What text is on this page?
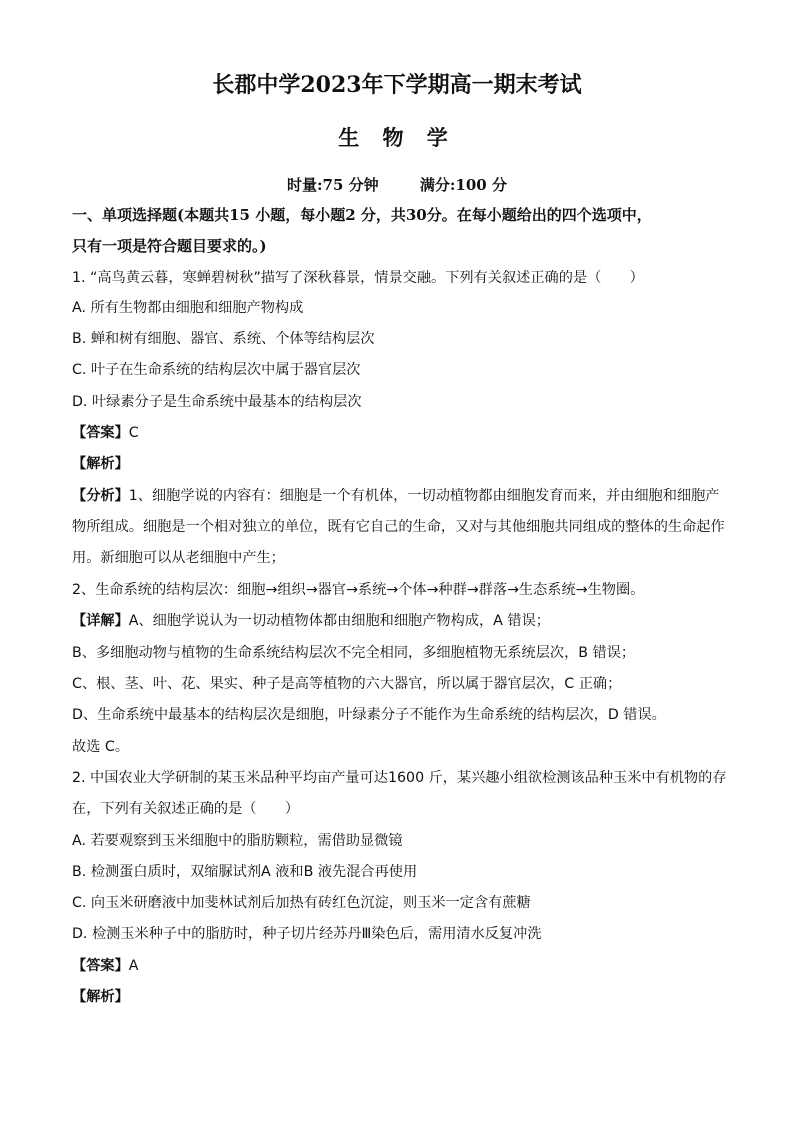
长郡中学2023年下学期高一期末考试
生 物 学
时量:75 分钟	满分:100 分
一、单项选择题(本题共15 小题，每小题2 分，共30分。在每小题给出的四个选项中，
只有一项是符合题目要求的。)
1. “高鸟黄云暮，寒蝉碧树秋”描写了深秋暮景，情景交融。下列有关叙述正确的是（　　）
A. 所有生物都由细胞和细胞产物构成
B. 蝉和树有细胞、器官、系统、个体等结构层次
C. 叶子在生命系统的结构层次中属于器官层次
D. 叶绿素分子是生命系统中最基本的结构层次
【答案】C
【解析】
【分析】1、细胞学说的内容有：细胞是一个有机体，一切动植物都由细胞发育而来，并由细胞和细胞产
物所组成。细胞是一个相对独立的单位，既有它自己的生命，又对与其他细胞共同组成的整体的生命起作
用。新细胞可以从老细胞中产生；
2、生命系统的结构层次：细胞→组织→器官→系统→个体→种群→群落→生态系统→生物圈。
【详解】A、细胞学说认为一切动植物体都由细胞和细胞产物构成，A 错误；
B、多细胞动物与植物的生命系统结构层次不完全相同，多细胞植物无系统层次，B 错误；
C、根、茎、叶、花、果实、种子是高等植物的六大器官，所以属于器官层次，C 正确；
D、生命系统中最基本的结构层次是细胞，叶绿素分子不能作为生命系统的结构层次，D 错误。
故选 C。
2. 中国农业大学研制的某玉米品种平均亩产量可达1600 斤，某兴趣小组欲检测该品种玉米中有机物的存
在，下列有关叙述正确的是（　　）
A. 若要观察到玉米细胞中的脂肪颗粒，需借助显微镜
B. 检测蛋白质时，双缩脲试剂A 液和B 液先混合再使用
C. 向玉米研磨液中加斐林试剂后加热有砖红色沉淀，则玉米一定含有蔗糖
D. 检测玉米种子中的脂肪时，种子切片经苏丹Ⅲ染色后，需用清水反复冲洗
【答案】A
【解析】
